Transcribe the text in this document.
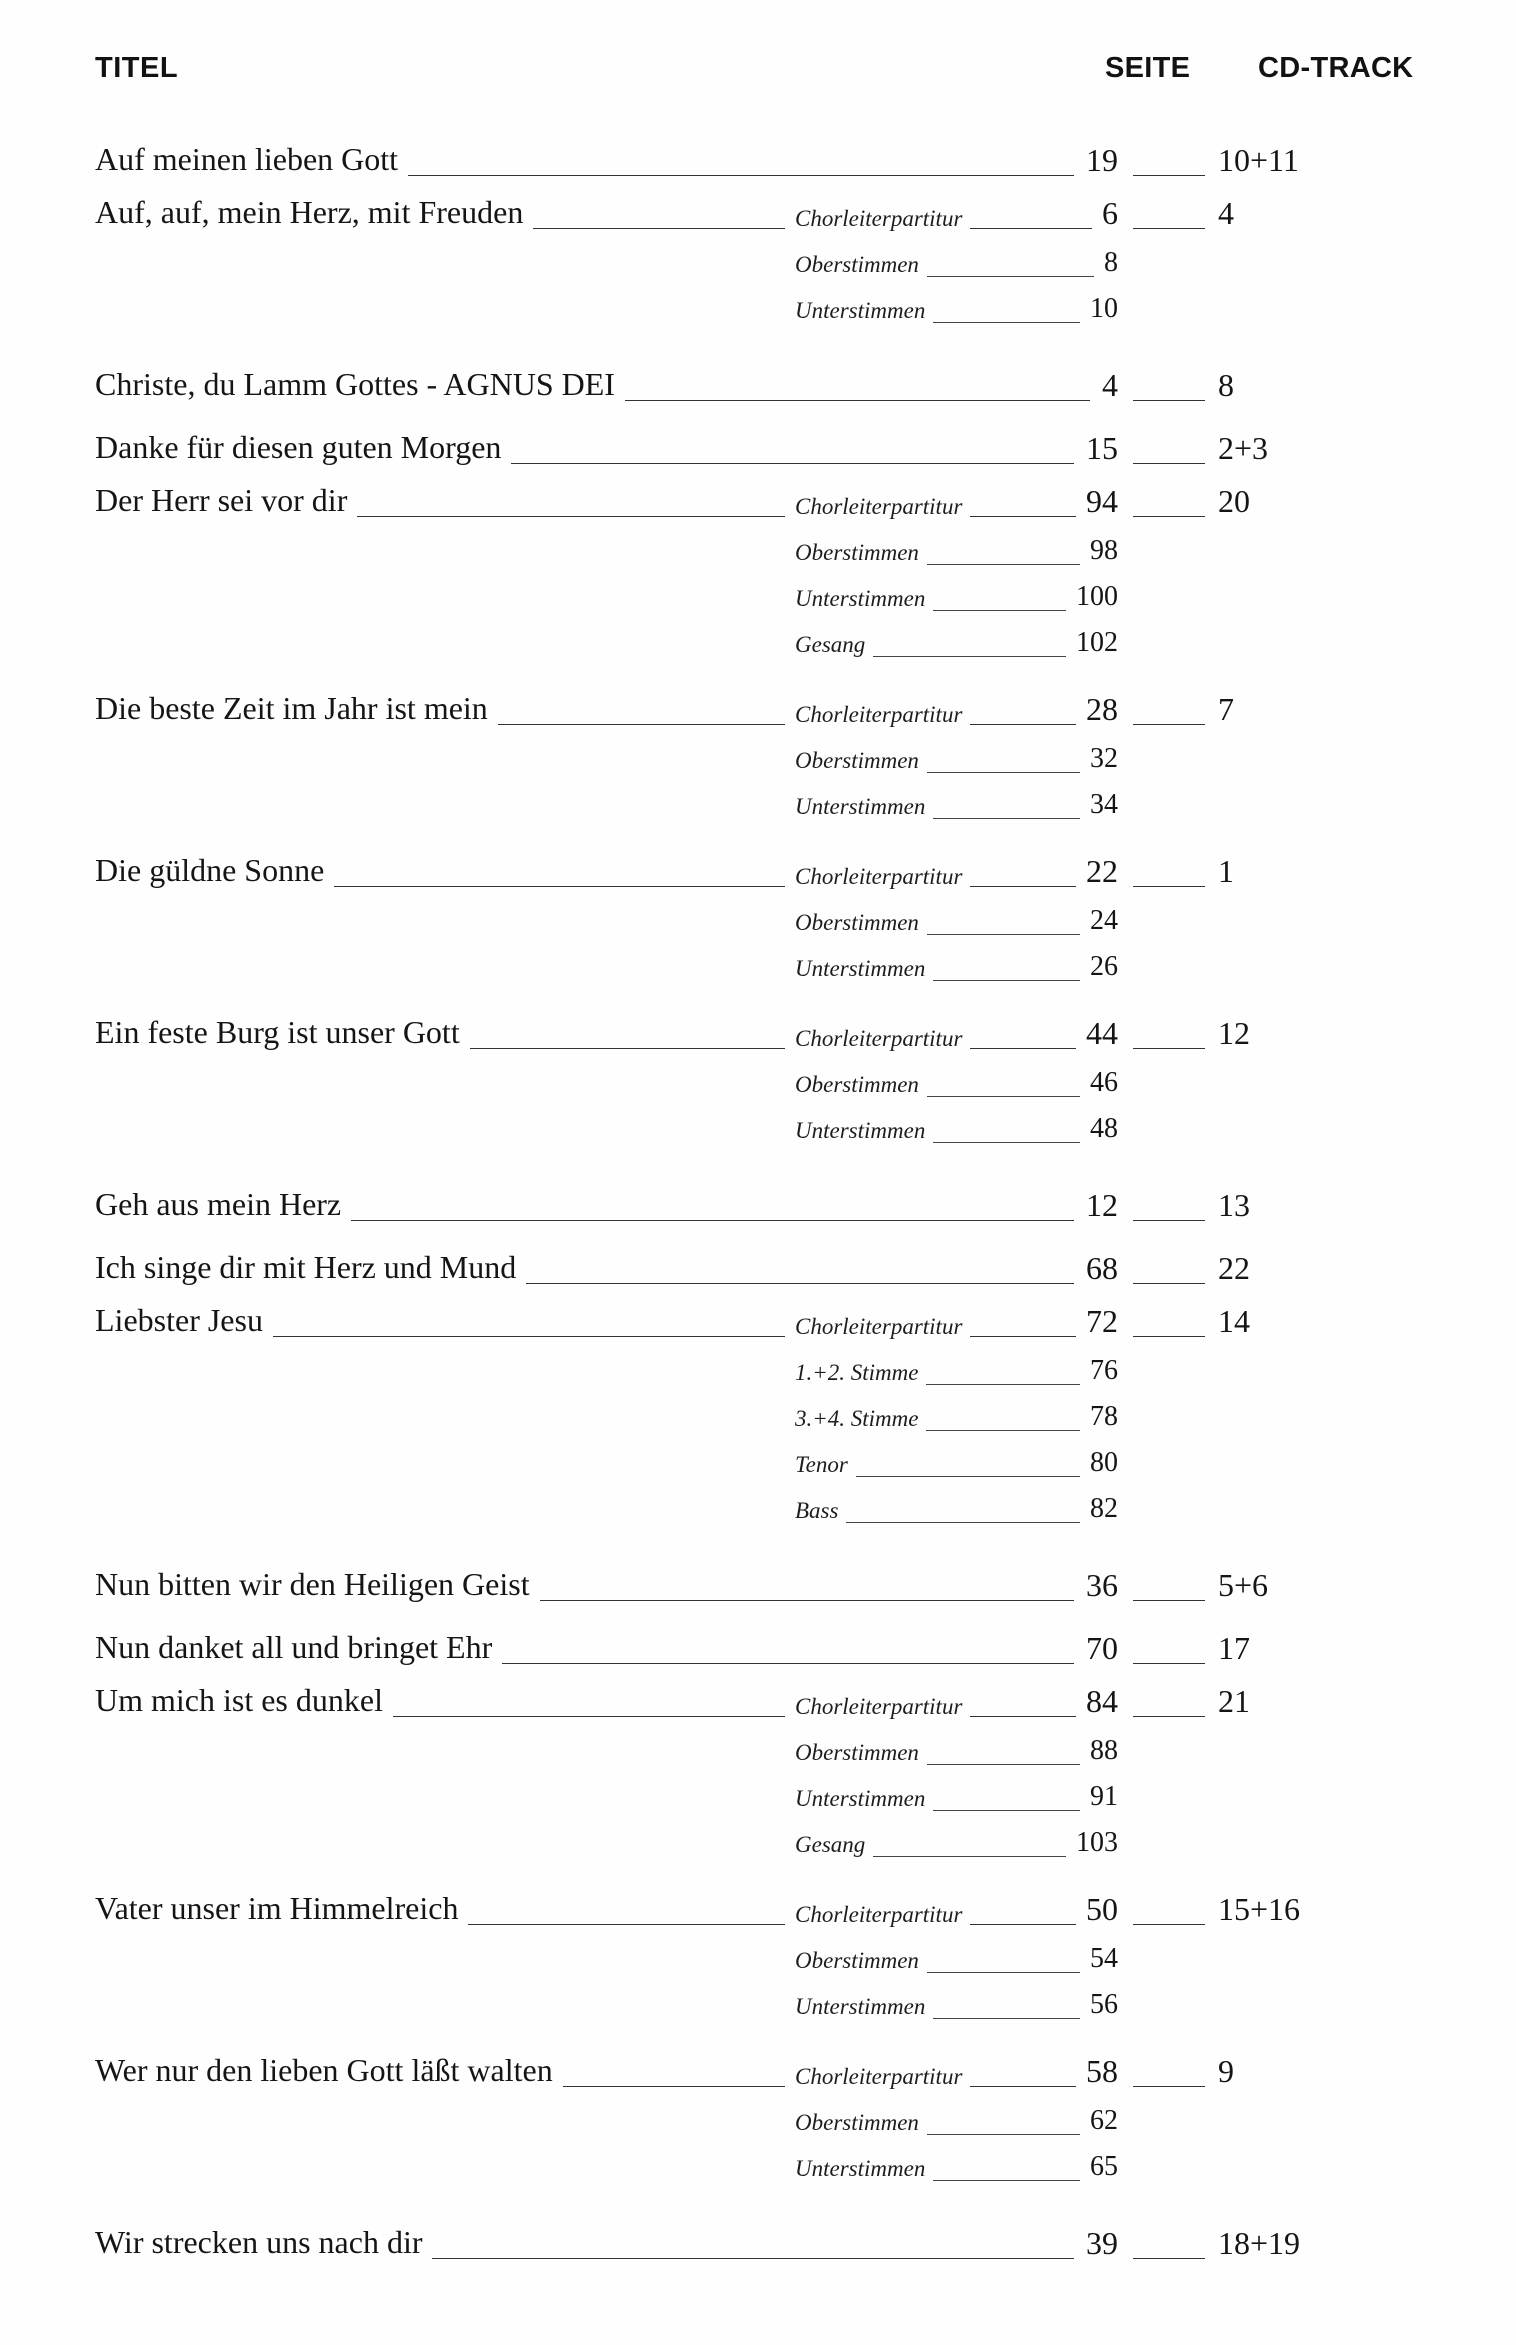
TITEL	SEITE CD-TRACK
Auf meinen lieben Gott	19	10+11
Auf, auf, mein Herz, mit Freuden	Chorleiterpartitur	6	4
Oberstimmen	8
Unterstimmen	10
Christe, du Lamm Gottes - AGNUS DEI	4	8
Danke für diesen guten Morgen	15	2+3
Der Herr sei vor dir	Chorleiterpartitur	94	20
Oberstimmen	98
Unterstimmen	100
Gesang	102
Die beste Zeit im Jahr ist mein	Chorleiterpartitur	28	7
Oberstimmen	32
Unterstimmen	34
Die güldne Sonne	Chorleiterpartitur	22	1
Oberstimmen	24
Unterstimmen	26
Ein feste Burg ist unser Gott	Chorleiterpartitur	44	12
Oberstimmen	46
Unterstimmen	48
Geh aus mein Herz	12	13
Ich singe dir mit Herz und Mund	68	22
Liebster Jesu	Chorleiterpartitur	72	14
1.+2. Stimme	76
3.+4. Stimme	78
Tenor	80
Bass	82
Nun bitten wir den Heiligen Geist	36	5+6
Nun danket all und bringet Ehr	70	17
Um mich ist es dunkel	Chorleiterpartitur	84	21
Oberstimmen	88
Unterstimmen	91
Gesang	103
Vater unser im Himmelreich	Chorleiterpartitur	50	15+16
Oberstimmen	54
Unterstimmen	56
Wer nur den lieben Gott läßt walten	Chorleiterpartitur	58	9
Oberstimmen	62
Unterstimmen	65
Wir strecken uns nach dir	39	18+19
